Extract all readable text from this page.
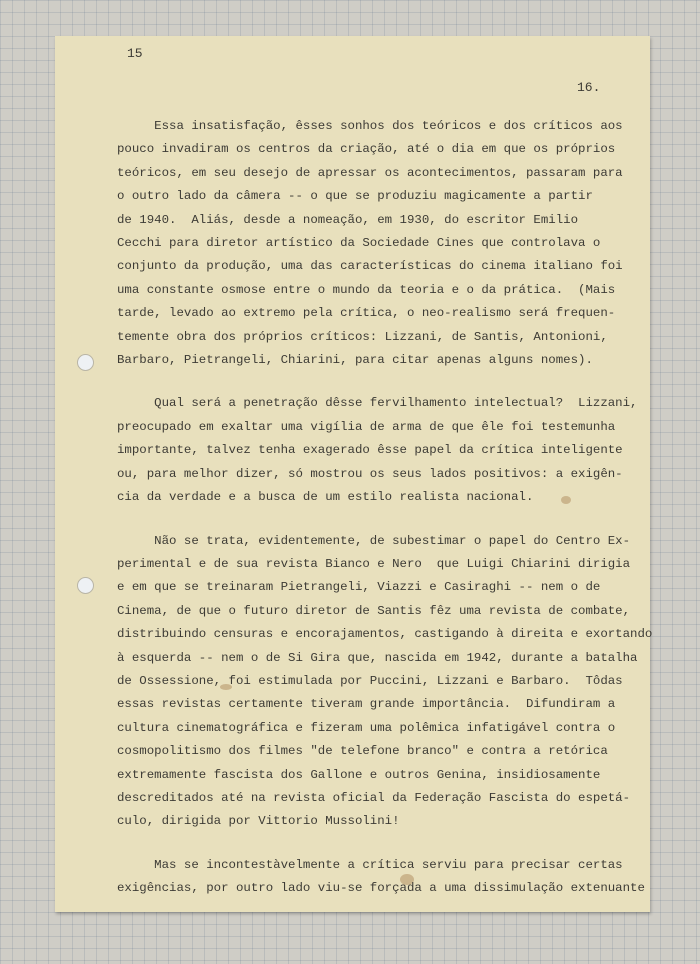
15
16.

Essa insatisfação, êsses sonhos dos teóricos e dos críticos aos
pouco invadiram os centros da criação, até o dia em que os próprios
teóricos, em seu desejo de apressar os acontecimentos, passaram para
o outro lado da câmera -- o que se produziu magicamente a partir
de 1940.  Aliás, desde a nomeação, em 1930, do escritor Emilio
Cecchi para diretor artístico da Sociedade Cines que controlava o
conjunto da produção, uma das características do cinema italiano foi
uma constante osmose entre o mundo da teoria e o da prática.  (Mais
tarde, levado ao extremo pela crítica, o neo-realismo será frequen-
temente obra dos próprios críticos: Lizzani, de Santis, Antonioni,
Barbaro, Pietrangeli, Chiarini, para citar apenas alguns nomes).

Qual será a penetração dêsse fervilhamento intelectual?  Lizzani,
preocupado em exaltar uma vigília de arma de que êle foi testemunha
importante, talvez tenha exagerado êsse papel da crítica inteligente
ou, para melhor dizer, só mostrou os seus lados positivos: a exigên-
cia da verdade e a busca de um estilo realista nacional.

Não se trata, evidentemente, de subestimar o papel do Centro Ex-
perimental e de sua revista Bianco e Nero  que Luigi Chiarini dirigia
e em que se treinaram Pietrangeli, Viazzi e Casiraghi -- nem o de
Cinema, de que o futuro diretor de Santis fêz uma revista de combate,
distribuindo censuras e encorajamentos, castigando à direita e exortando
à esquerda -- nem o de Si Gira que, nascida em 1942, durante a batalha
de Ossessione, foi estimulada por Puccini, Lizzani e Barbaro.  Tôdas
essas revistas certamente tiveram grande importância.  Difundiram a
cultura cinematográfica e fizeram uma polêmica infatigável contra o
cosmopolitismo dos filmes "de telefone branco" e contra a retórica
extremamente fascista dos Gallone e outros Genina, insidiosamente
descreditados até na revista oficial da Federação Fascista do espetá-
culo, dirigida por Vittorio Mussolini!

Mas se incontestàvelmente a crítica serviu para precisar certas
exigências, por outro lado viu-se forçada a uma dissimulação extenuante
